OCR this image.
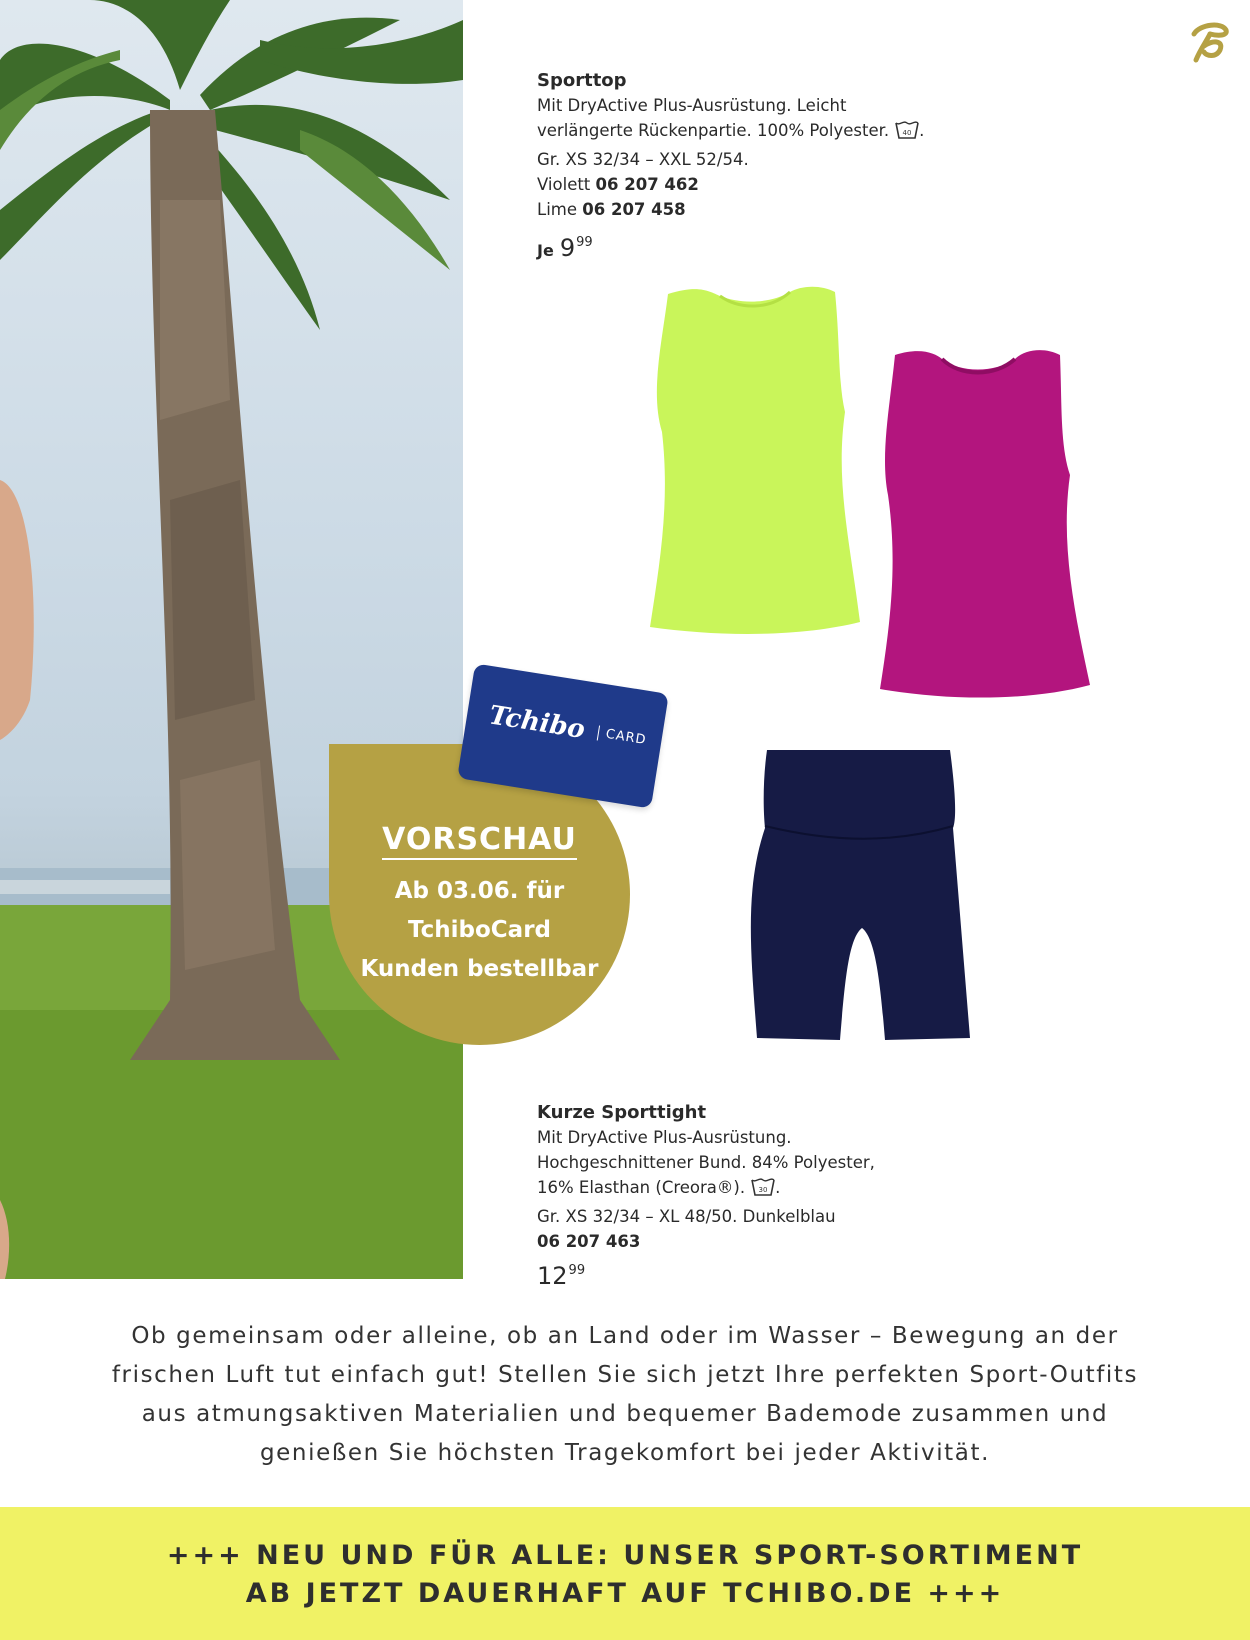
Sporttop
Mit DryActive Plus-Ausrüstung. Leicht
verlängerte Rückenpartie. 100% Polyester. 40 .
Gr. XS 32/34 – XXL 52/54.
Violett 06 207 462
Lime 06 207 458
Je $9^{99}$
VORSCHAU
Ab 03.06. für
TchiboCard
Kunden bestellbar
Tchibo	CARD
Kurze Sporttight
Mit DryActive Plus-Ausrüstung.
Hochgeschnittener Bund. 84% Polyester,
16% Elasthan (Creora®). 30 .
Gr. XS 32/34 – XL 48/50. Dunkelblau
06 207 463
$12^{99}$
Ob gemeinsam oder alleine, ob an Land oder im Wasser – Bewegung an der
frischen Luft tut einfach gut! Stellen Sie sich jetzt Ihre perfekten Sport-Outfits
aus atmungsaktiven Materialien und bequemer Bademode zusammen und
genießen Sie höchsten Tragekomfort bei jeder Aktivität.
+++ NEU UND FÜR ALLE: UNSER SPORT-SORTIMENT
AB JETZT DAUERHAFT AUF TCHIBO.DE +++
